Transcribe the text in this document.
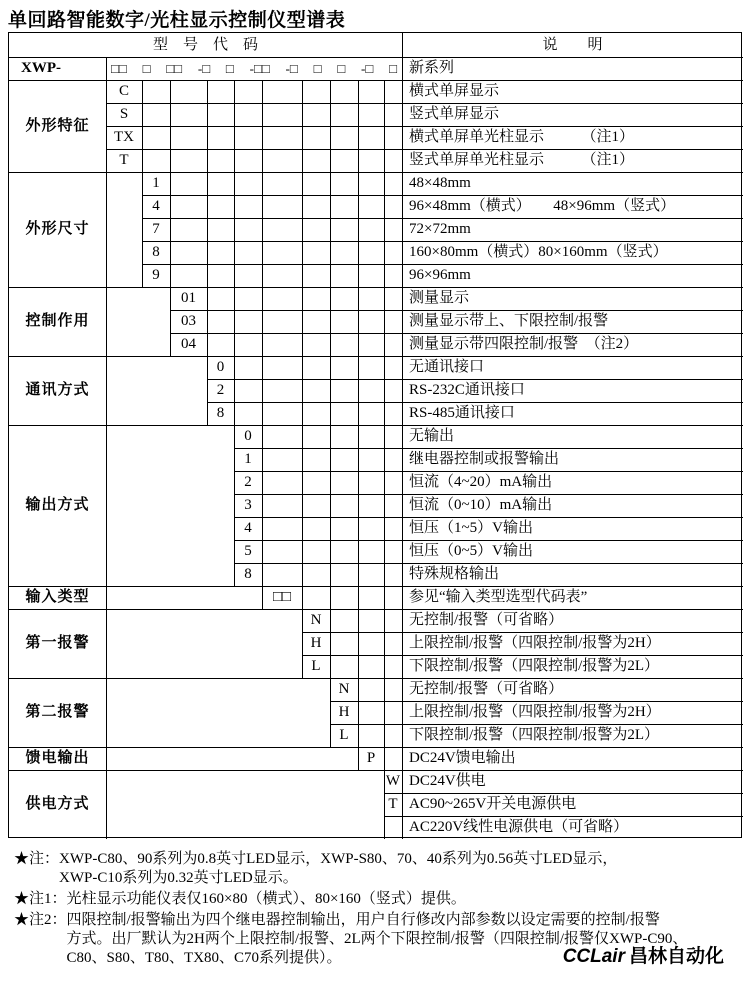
单回路智能数字/光柱显示控制仪型谱表
型　号　代　码	说　　明
XWP-	□□ □ □□ -□ □ -□□ -□ □ □ -□ □ 新系列
外形特征
C	横式单屏显示
S	竖式单屏显示
TX	横式单屏单光柱显示　　　（注1）
T	竖式单屏单光柱显示　　　（注1）
外形尺寸
1	48×48mm
4	96×48mm（横式）　　48×96mm（竖式）
7	72×72mm
8	160×80mm（横式）80×160mm（竖式）
9	96×96mm
控制作用
01	测量显示
03	测量显示带上、下限控制/报警
04	测量显示带四限控制/报警　（注2）
通讯方式
0	无通讯接口
2	RS-232C通讯接口
8	RS-485通讯接口
输出方式
0	无输出
1	继电器控制或报警输出
2	恒流（4~20）mA输出
3	恒流（0~10）mA输出
4	恒压（1~5）V输出
5	恒压（0~5）V输出
8	特殊规格输出
输入类型	□□	参见“输入类型选型代码表”
第一报警
N	无控制/报警（可省略）
H	上限控制/报警（四限控制/报警为2H）
L	下限控制/报警（四限控制/报警为2L）
第二报警
N	无控制/报警（可省略）
H	上限控制/报警（四限控制/报警为2H）
L	下限控制/报警（四限控制/报警为2L）
馈电输出	P	DC24V馈电输出
供电方式
W DC24V供电
T AC90~265V开关电源供电
AC220V线性电源供电（可省略）
★注： XWP-C80、90系列为0.8英寸LED显示，XWP-S80、70、40系列为0.56英寸LED显示，
XWP-C10系列为0.32英寸LED显示。
★注1： 光柱显示功能仪表仅160×80（横式）、80×160（竖式）提供。
★注2： 四限控制/报警输出为四个继电器控制输出，用户自行修改内部参数以设定需要的控制/报警
方式。出厂默认为2H两个上限控制/报警、2L两个下限控制/报警（四限控制/报警仅XWP-C90、
C80、S80、T80、TX80、C70系列提供）。	CCLair 昌林自动化
